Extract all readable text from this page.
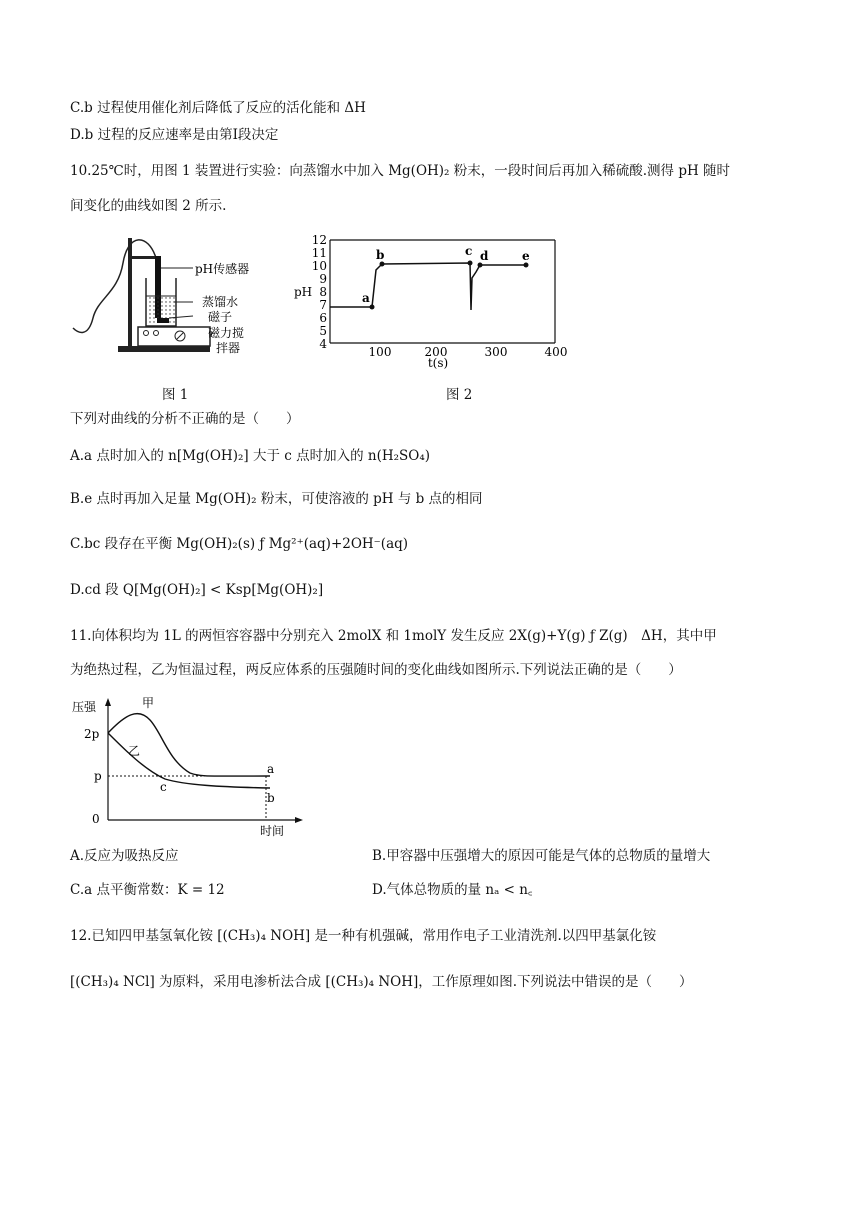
C.b 过程使用催化剂后降低了反应的活化能和 ΔH
D.b 过程的反应速率是由第Ⅰ段决定
10.25℃时，用图 1 装置进行实验：向蒸馏水中加入 Mg(OH)₂ 粉末，一段时间后再加入稀硫酸.测得 pH 随时
间变化的曲线如图 2 所示.
pH传感器
蒸馏水
磁子
磁力搅
拌器
图 1
12
11
10
9
8
7
6
5
4
pH
100	200	300	400
t(s)
a
b	c d	e
图 2
下列对曲线的分析不正确的是（　　）
A.a 点时加入的 n[Mg(OH)₂] 大于 c 点时加入的 n(H₂SO₄)
B.e 点时再加入足量 Mg(OH)₂ 粉末，可使溶液的 pH 与 b 点的相同
C.bc 段存在平衡 Mg(OH)₂(s) ƒ Mg²⁺(aq)+2OH⁻(aq)
D.cd 段 Q[Mg(OH)₂] < Ksp[Mg(OH)₂]
11.向体积均为 1L 的两恒容容器中分别充入 2molX 和 1molY 发生反应 2X(g)+Y(g) ƒ Z(g)　ΔH，其中甲
为绝热过程，乙为恒温过程，两反应体系的压强随时间的变化曲线如图所示.下列说法正确的是（　　）
压强
时间
0
2p
p
甲
乙
c
a
b
A.反应为吸热反应	B.甲容器中压强增大的原因可能是气体的总物质的量增大
C.a 点平衡常数：K = 12	D.气体总物质的量 nₐ < n꜀
12.已知四甲基氢氧化铵 [(CH₃)₄ NOH] 是一种有机强碱，常用作电子工业清洗剂.以四甲基氯化铵
[(CH₃)₄ NCl] 为原料，采用电渗析法合成 [(CH₃)₄ NOH]，工作原理如图.下列说法中错误的是（　　）
